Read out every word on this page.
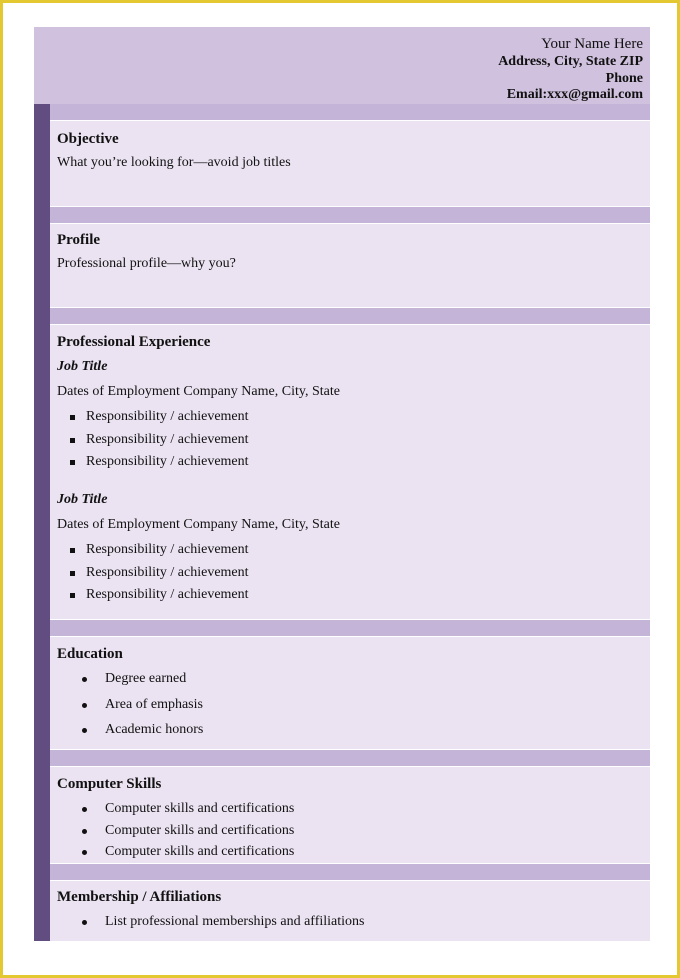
Your Name Here
Address, City, State ZIP
Phone
Email:xxx@gmail.com
Objective
What you’re looking for—avoid job titles
Profile
Professional profile—why you?
Professional Experience
Job Title
Dates of Employment Company Name, City, State
Responsibility / achievement
Responsibility / achievement
Responsibility / achievement
Job Title
Dates of Employment Company Name, City, State
Responsibility / achievement
Responsibility / achievement
Responsibility / achievement
Education
Degree earned
Area of emphasis
Academic honors
Computer Skills
Computer skills and certifications
Computer skills and certifications
Computer skills and certifications
Membership / Affiliations
List professional memberships and affiliations
